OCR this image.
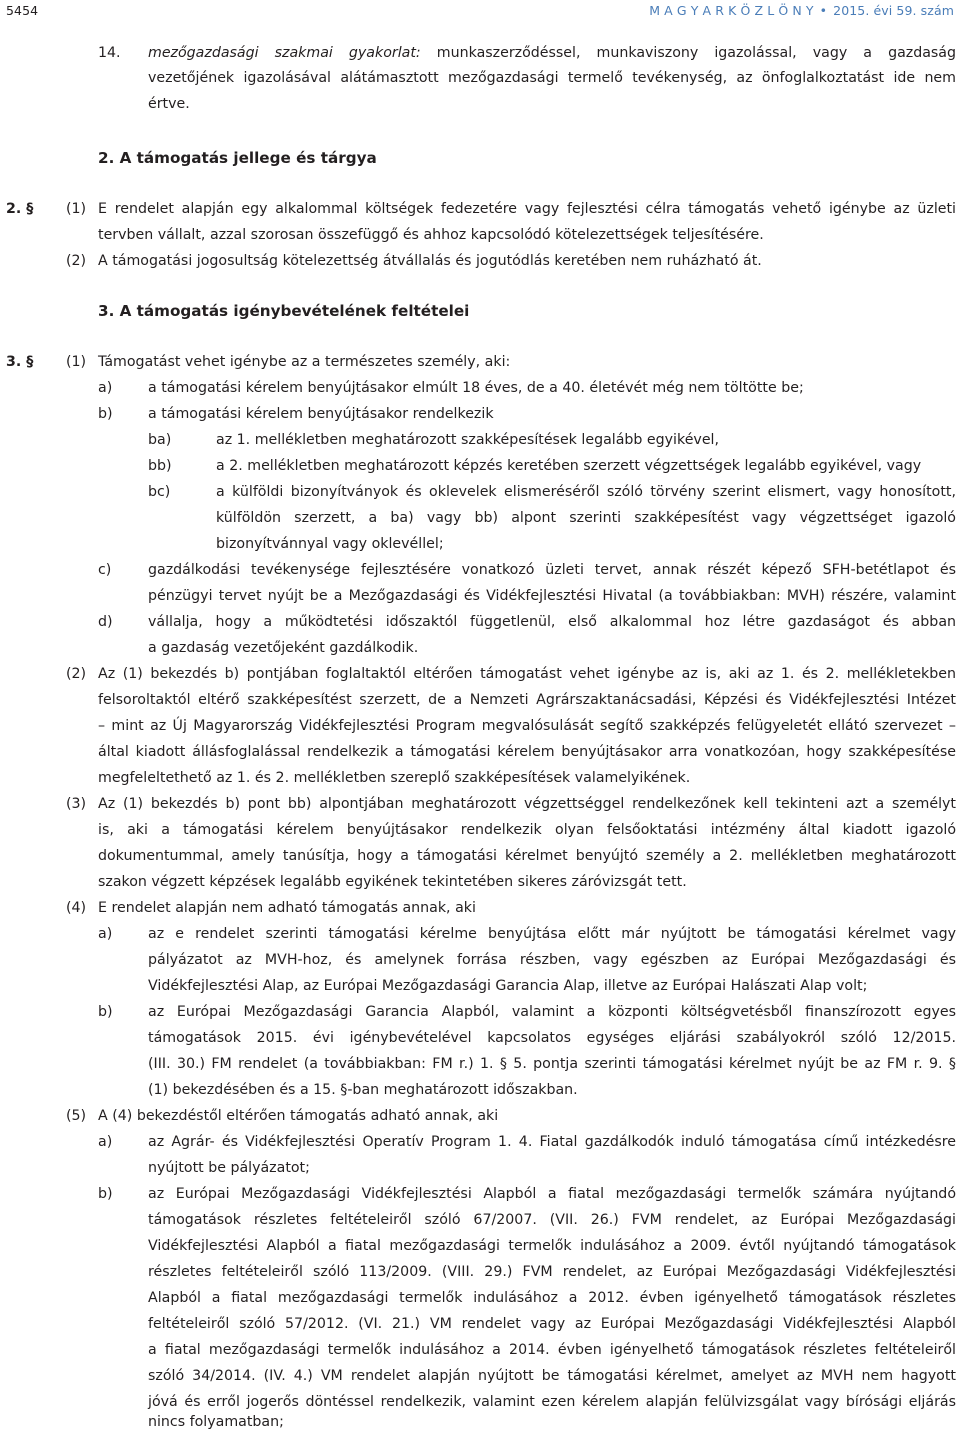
5454	M A G Y A R K Ö Z L Ö N Y • 2015. évi 59. szám
14. mezőgazdasági szakmai gyakorlat: munkaszerződéssel, munkaviszony igazolással, vagy a gazdaság
vezetőjének igazolásával alátámasztott mezőgazdasági termelő tevékenység, az önfoglalkoztatást ide nem
értve.
2. A támogatás jellege és tárgya
2. § (1) E rendelet alapján egy alkalommal költségek fedezetére vagy fejlesztési célra támogatás vehető igénybe az üzleti
tervben vállalt, azzal szorosan összefüggő és ahhoz kapcsolódó kötelezettségek teljesítésére.
(2) A támogatási jogosultság kötelezettség átvállalás és jogutódlás keretében nem ruházható át.
3. A támogatás igénybevételének feltételei
3. § (1) Támogatást vehet igénybe az a természetes személy, aki:
a)	a támogatási kérelem benyújtásakor elmúlt 18 éves, de a 40. életévét még nem töltötte be;
b) a támogatási kérelem benyújtásakor rendelkezik
ba)	az 1. mellékletben meghatározott szakképesítések legalább egyikével,
bb)	a 2. mellékletben meghatározott képzés keretében szerzett végzettségek legalább egyikével, vagy
bc)	a külföldi bizonyítványok és oklevelek elismeréséről szóló törvény szerint elismert, vagy honosított,
külföldön szerzett, a ba) vagy bb) alpont szerinti szakképesítést vagy végzettséget igazoló
bizonyítvánnyal vagy oklevéllel;
c)	gazdálkodási tevékenysége fejlesztésére vonatkozó üzleti tervet, annak részét képező SFH-betétlapot és
pénzügyi tervet nyújt be a Mezőgazdasági és Vidékfejlesztési Hivatal (a továbbiakban: MVH) részére, valamint
d) vállalja, hogy a működtetési időszaktól függetlenül, első alkalommal hoz létre gazdaságot és abban
a gazdaság vezetőjeként gazdálkodik.
(2) Az (1) bekezdés b) pontjában foglaltaktól eltérően támogatást vehet igénybe az is, aki az 1. és 2. mellékletekben
felsoroltaktól eltérő szakképesítést szerzett, de a Nemzeti Agrárszaktanácsadási, Képzési és Vidékfejlesztési Intézet
– mint az Új Magyarország Vidékfejlesztési Program megvalósulását segítő szakképzés felügyeletét ellátó szervezet –
által kiadott állásfoglalással rendelkezik a támogatási kérelem benyújtásakor arra vonatkozóan, hogy szakképesítése
megfeleltethető az 1. és 2. mellékletben szereplő szakképesítések valamelyikének.
(3) Az (1) bekezdés b) pont bb) alpontjában meghatározott végzettséggel rendelkezőnek kell tekinteni azt a személyt
is, aki a támogatási kérelem benyújtásakor rendelkezik olyan felsőoktatási intézmény által kiadott igazoló
dokumentummal, amely tanúsítja, hogy a támogatási kérelmet benyújtó személy a 2. mellékletben meghatározott
szakon végzett képzések legalább egyikének tekintetében sikeres záróvizsgát tett.
(4) E rendelet alapján nem adható támogatás annak, aki
a)	az e rendelet szerinti támogatási kérelme benyújtása előtt már nyújtott be támogatási kérelmet vagy
pályázatot az MVH-hoz, és amelynek forrása részben, vagy egészben az Európai Mezőgazdasági és
Vidékfejlesztési Alap, az Európai Mezőgazdasági Garancia Alap, illetve az Európai Halászati Alap volt;
b) az Európai Mezőgazdasági Garancia Alapból, valamint a központi költségvetésből finanszírozott egyes
támogatások 2015. évi igénybevételével kapcsolatos egységes eljárási szabályokról szóló 12/2015.
(III. 30.) FM rendelet (a továbbiakban: FM r.) 1. § 5. pontja szerinti támogatási kérelmet nyújt be az FM r. 9. §
(1) bekezdésében és a 15. §-ban meghatározott időszakban.
(5) A (4) bekezdéstől eltérően támogatás adható annak, aki
a)	az Agrár- és Vidékfejlesztési Operatív Program 1. 4. Fiatal gazdálkodók induló támogatása című intézkedésre
nyújtott be pályázatot;
b) az Európai Mezőgazdasági Vidékfejlesztési Alapból a fiatal mezőgazdasági termelők számára nyújtandó
támogatások részletes feltételeiről szóló 67/2007. (VII. 26.) FVM rendelet, az Európai Mezőgazdasági
Vidékfejlesztési Alapból a fiatal mezőgazdasági termelők indulásához a 2009. évtől nyújtandó támogatások
részletes feltételeiről szóló 113/2009. (VIII. 29.) FVM rendelet, az Európai Mezőgazdasági Vidékfejlesztési
Alapból a fiatal mezőgazdasági termelők indulásához a 2012. évben igényelhető támogatások részletes
feltételeiről szóló 57/2012. (VI. 21.) VM rendelet vagy az Európai Mezőgazdasági Vidékfejlesztési Alapból
a fiatal mezőgazdasági termelők indulásához a 2014. évben igényelhető támogatások részletes feltételeiről
szóló 34/2014. (IV. 4.) VM rendelet alapján nyújtott be támogatási kérelmet, amelyet az MVH nem hagyott
jóvá és erről jogerős döntéssel rendelkezik, valamint ezen kérelem alapján felülvizsgálat vagy bírósági eljárás
nincs folyamatban;
